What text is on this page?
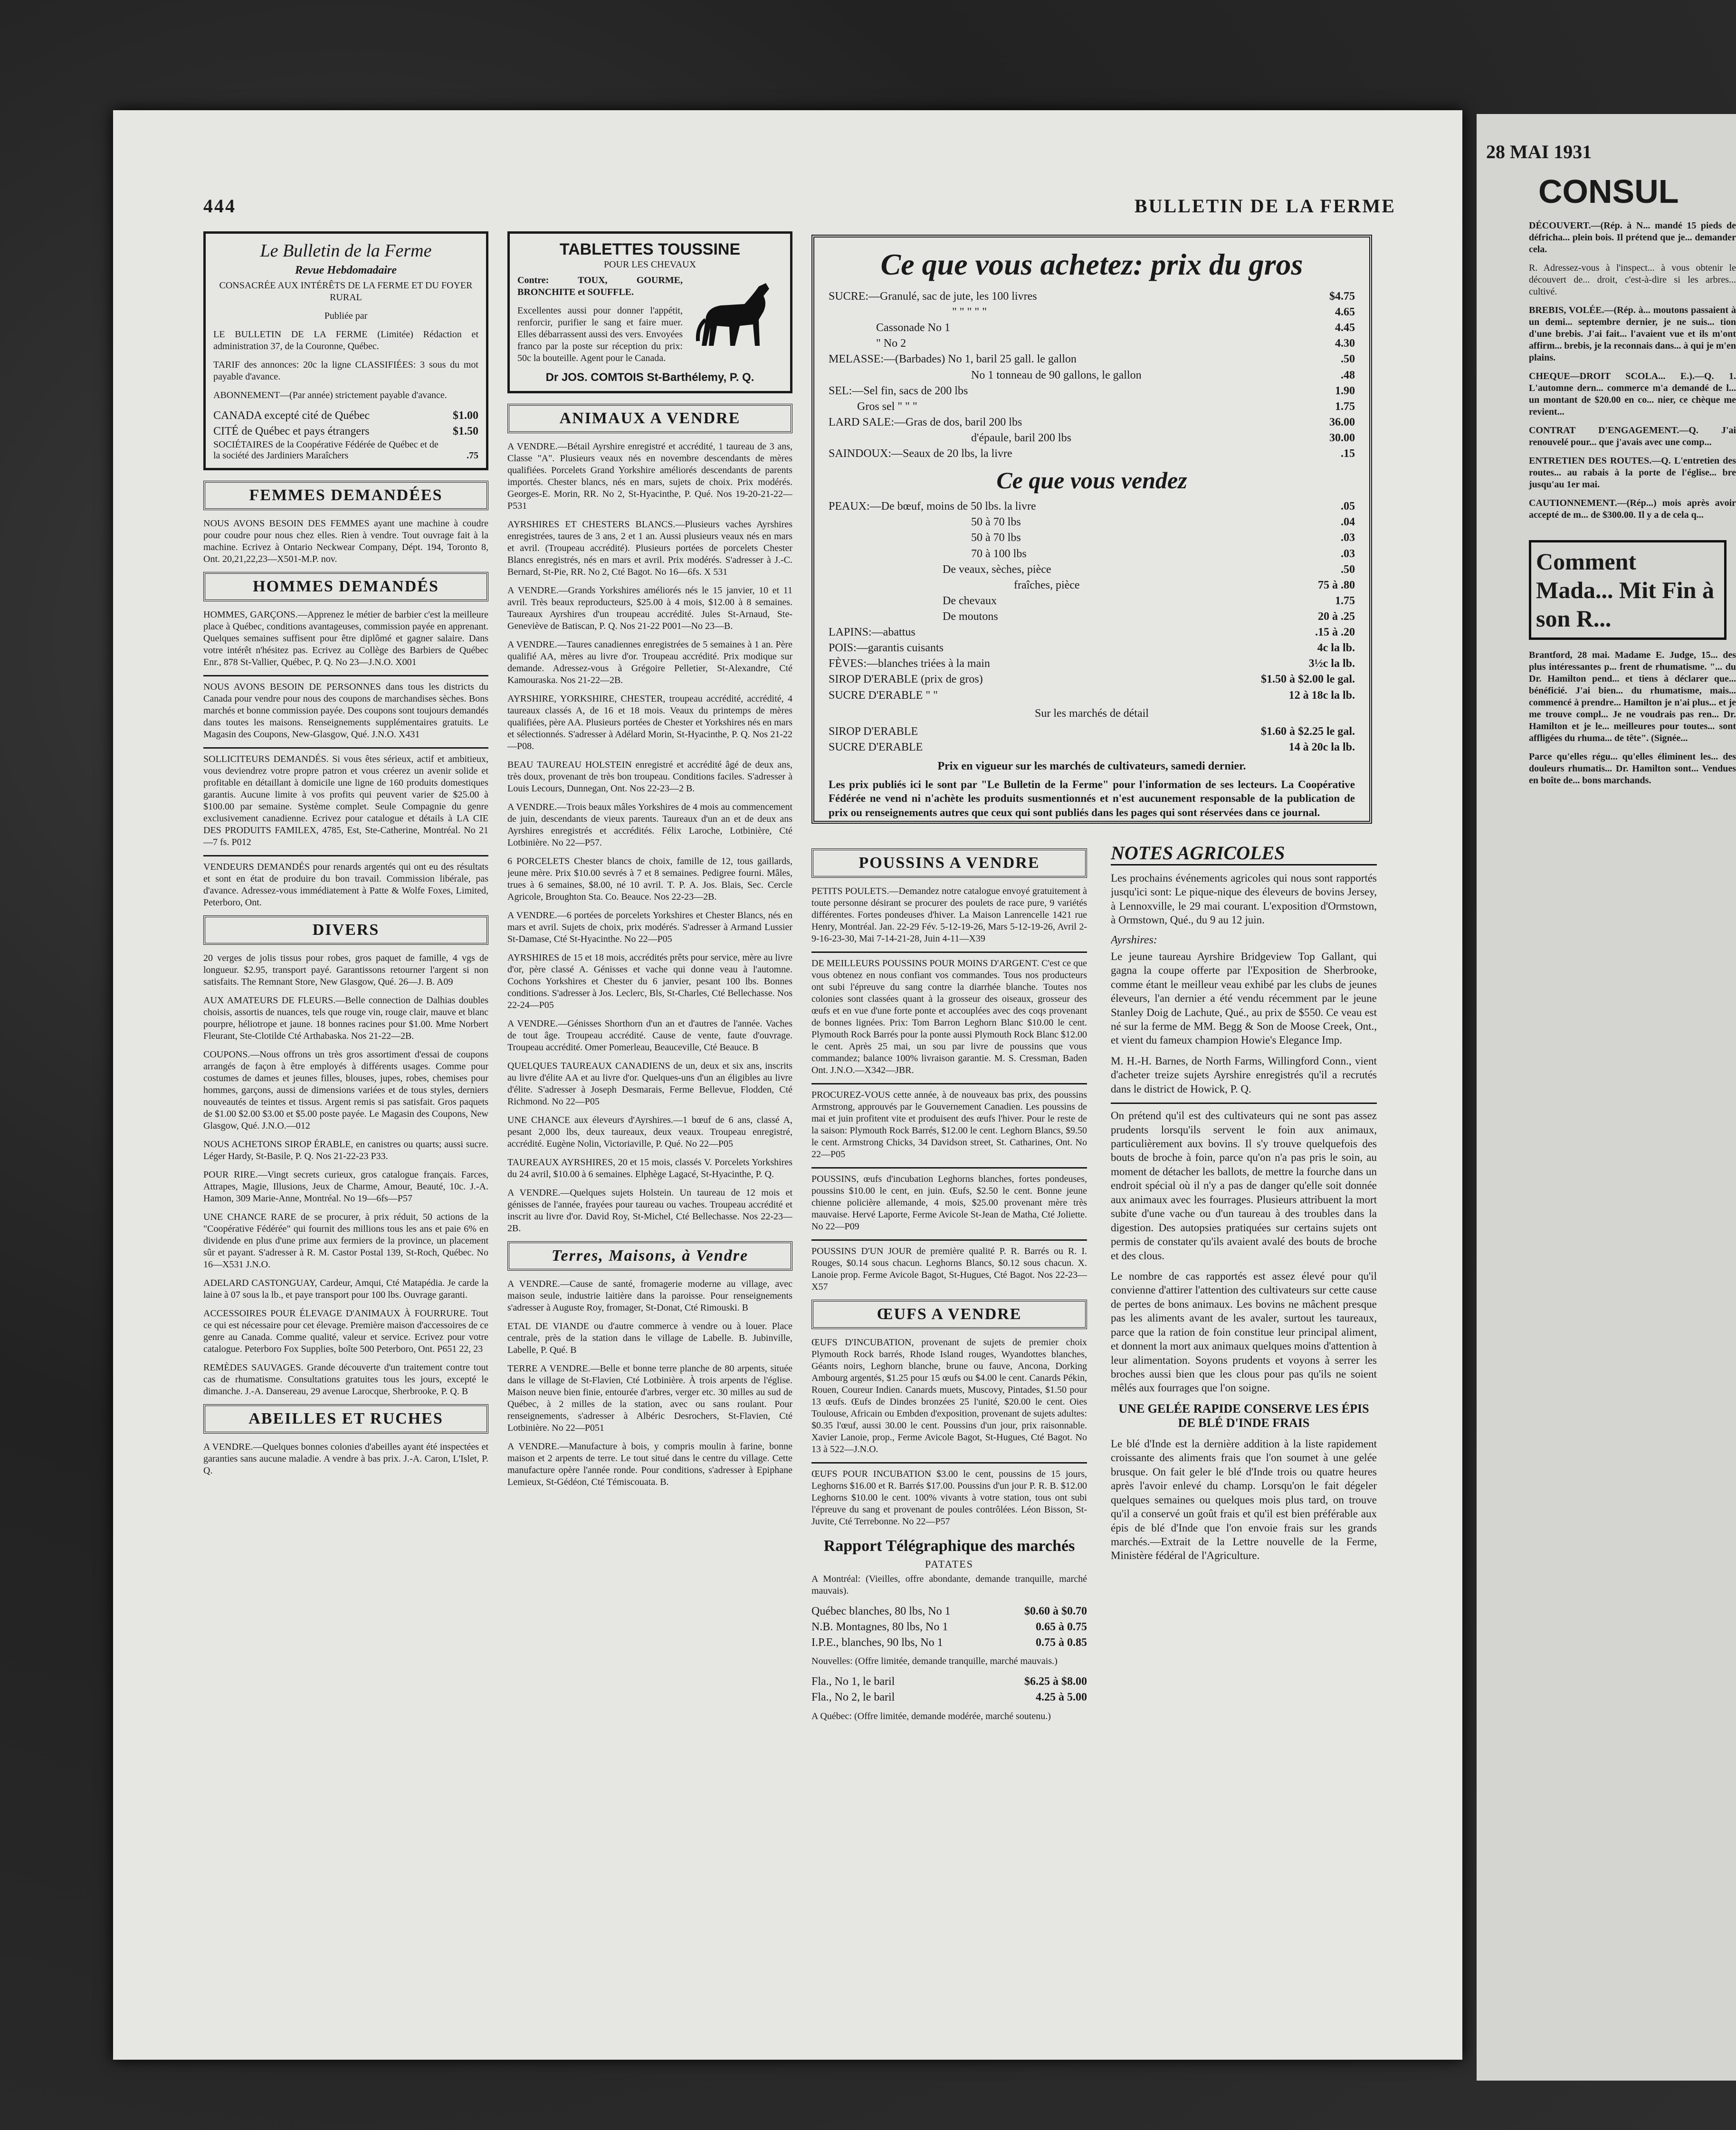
444	BULLETIN DE LA FERME
Le Bulletin de la Ferme
Revue Hebdomadaire
CONSACRÉE AUX INTÉRÊTS DE LA FERME ET DU FOYER RURAL
Publiée par
LE BULLETIN DE LA FERME (Limitée) Rédaction et administration 37, de la Couronne, Québec.
TARIF des annonces: 20c la ligne CLASSIFIÉES: 3 sous du mot payable d'avance.
ABONNEMENT—(Par année) strictement payable d'avance.
CANADA excepté cité de Québec	$1.00
CITÉ de Québec et pays étrangers	$1.50
SOCIÉTAIRES de la Coopérative Fédérée de Québec et de la société des Jardiniers Maraîchers	.75
FEMMES DEMANDÉES

NOUS AVONS BESOIN DES FEMMES ayant une machine à coudre pour coudre pour nous chez elles. Rien à vendre. Tout ouvrage fait à la machine. Ecrivez à Ontario Neckwear Company, Dépt. 194, Toronto 8, Ont. 20,21,22,23—X501-M.P. nov.

HOMMES DEMANDÉS

HOMMES, GARÇONS.—Apprenez le métier de barbier c'est la meilleure place à Québec, conditions avantageuses, commission payée en apprenant. Quelques semaines suffisent pour être diplômé et gagner salaire. Dans votre intérêt n'hésitez pas. Ecrivez au Collège des Barbiers de Québec Enr., 878 St-Vallier, Québec, P. Q. No 23—J.N.O. X001

NOUS AVONS BESOIN DE PERSONNES dans tous les districts du Canada pour vendre pour nous des coupons de marchandises sèches. Bons marchés et bonne commission payée. Des coupons sont toujours demandés dans toutes les maisons. Renseignements supplémentaires gratuits. Le Magasin des Coupons, New-Glasgow, Qué. J.N.O. X431

SOLLICITEURS DEMANDÉS. Si vous êtes sérieux, actif et ambitieux, vous deviendrez votre propre patron et vous créerez un avenir solide et profitable en détaillant à domicile une ligne de 160 produits domestiques garantis. Aucune limite à vos profits qui peuvent varier de $25.00 à $100.00 par semaine. Système complet. Seule Compagnie du genre exclusivement canadienne. Ecrivez pour catalogue et détails à LA CIE DES PRODUITS FAMILEX, 4785, Est, Ste-Catherine, Montréal. No 21—7 fs. P012

VENDEURS DEMANDÉS pour renards argentés qui ont eu des résultats et sont en état de produire du bon travail. Commission libérale, pas d'avance. Adressez-vous immédiatement à Patte & Wolfe Foxes, Limited, Peterboro, Ont.

DIVERS

20 verges de jolis tissus pour robes, gros paquet de famille, 4 vgs de longueur. $2.95, transport payé. Garantissons retourner l'argent si non satisfaits. The Remnant Store, New Glasgow, Qué. 26—J. B. A09

AUX AMATEURS DE FLEURS.—Belle connection de Dalhias doubles choisis, assortis de nuances, tels que rouge vin, rouge clair, mauve et blanc pourpre, héliotrope et jaune. 18 bonnes racines pour $1.00. Mme Norbert Fleurant, Ste-Clotilde Cté Arthabaska. Nos 21-22—2B.

COUPONS.—Nous offrons un très gros assortiment d'essai de coupons arrangés de façon à être employés à différents usages. Comme pour costumes de dames et jeunes filles, blouses, jupes, robes, chemises pour hommes, garçons, aussi de dimensions variées et de tous styles, derniers nouveautés de teintes et tissus. Argent remis si pas satisfait. Gros paquets de $1.00 $2.00 $3.00 et $5.00 poste payée. Le Magasin des Coupons, New Glasgow, Qué. J.N.O.—012

NOUS ACHETONS SIROP ÉRABLE, en canistres ou quarts; aussi sucre. Léger Hardy, St-Basile, P. Q. Nos 21-22-23 P33.

POUR RIRE.—Vingt secrets curieux, gros catalogue français. Farces, Attrapes, Magie, Illusions, Jeux de Charme, Amour, Beauté, 10c. J.-A. Hamon, 309 Marie-Anne, Montréal. No 19—6fs—P57

UNE CHANCE RARE de se procurer, à prix réduit, 50 actions de la "Coopérative Fédérée" qui fournit des millions tous les ans et paie 6% en dividende en plus d'une prime aux fermiers de la province, un placement sûr et payant. S'adresser à R. M. Castor Postal 139, St-Roch, Québec. No 16—X531 J.N.O.

ADELARD CASTONGUAY, Cardeur, Amqui, Cté Matapédia. Je carde la laine à 07 sous la lb., et paye transport pour 100 lbs. Ouvrage garanti.

ACCESSOIRES POUR ÉLEVAGE D'ANIMAUX À FOURRURE. Tout ce qui est nécessaire pour cet élevage. Première maison d'accessoires de ce genre au Canada. Comme qualité, valeur et service. Ecrivez pour votre catalogue. Peterboro Fox Supplies, boîte 500 Peterboro, Ont. P651 22, 23

REMÈDES SAUVAGES. Grande découverte d'un traitement contre tout cas de rhumatisme. Consultations gratuites tous les jours, excepté le dimanche. J.-A. Dansereau, 29 avenue Larocque, Sherbrooke, P. Q. B

ABEILLES ET RUCHES

A VENDRE.—Quelques bonnes colonies d'abeilles ayant été inspectées et garanties sans aucune maladie. A vendre à bas prix. J.-A. Caron, L'Islet, P. Q.

TABLETTES TOUSSINE
POUR LES CHEVAUX
Contre: TOUX, GOURME, BRONCHITE et SOUFFLE.
Excellentes aussi pour donner l'appétit, renforcir, purifier le sang et faire muer. Elles débarrassent aussi des vers. Envoyées franco par la poste sur réception du prix: 50c la bouteille. Agent pour le Canada.
Dr JOS. COMTOIS St-Barthélemy, P. Q.
ANIMAUX A VENDRE

A VENDRE.—Bétail Ayrshire enregistré et accrédité, 1 taureau de 3 ans, Classe "A". Plusieurs veaux nés en novembre descendants de mères qualifiées. Porcelets Grand Yorkshire améliorés descendants de parents importés. Chester blancs, nés en mars, sujets de choix. Prix modérés. Georges-E. Morin, RR. No 2, St-Hyacinthe, P. Qué. Nos 19-20-21-22—P531

AYRSHIRES ET CHESTERS BLANCS.—Plusieurs vaches Ayrshires enregistrées, taures de 3 ans, 2 et 1 an. Aussi plusieurs veaux nés en mars et avril. (Troupeau accrédité). Plusieurs portées de porcelets Chester Blancs enregistrés, nés en mars et avril. Prix modérés. S'adresser à J.-C. Bernard, St-Pie, RR. No 2, Cté Bagot. No 16—6fs. X 531

A VENDRE.—Grands Yorkshires améliorés nés le 15 janvier, 10 et 11 avril. Très beaux reproducteurs, $25.00 à 4 mois, $12.00 à 8 semaines. Taureaux Ayrshires d'un troupeau accrédité. Jules St-Arnaud, Ste-Geneviève de Batiscan, P. Q. Nos 21-22 P001—No 23—B.

A VENDRE.—Taures canadiennes enregistrées de 5 semaines à 1 an. Père qualifié AA, mères au livre d'or. Troupeau accrédité. Prix modique sur demande. Adressez-vous à Grégoire Pelletier, St-Alexandre, Cté Kamouraska. Nos 21-22—2B.

AYRSHIRE, YORKSHIRE, CHESTER, troupeau accrédité, accrédité, 4 taureaux classés A, de 16 et 18 mois. Veaux du printemps de mères qualifiées, père AA. Plusieurs portées de Chester et Yorkshires nés en mars et sélectionnés. S'adresser à Adélard Morin, St-Hyacinthe, P. Q. Nos 21-22—P08.

BEAU TAUREAU HOLSTEIN enregistré et accrédité âgé de deux ans, très doux, provenant de très bon troupeau. Conditions faciles. S'adresser à Louis Lecours, Dunnegan, Ont. Nos 22-23—2 B.

A VENDRE.—Trois beaux mâles Yorkshires de 4 mois au commencement de juin, descendants de vieux parents. Taureaux d'un an et de deux ans Ayrshires enregistrés et accrédités. Félix Laroche, Lotbinière, Cté Lotbinière. No 22—P57.

6 PORCELETS Chester blancs de choix, famille de 12, tous gaillards, jeune mère. Prix $10.00 sevrés à 7 et 8 semaines. Pedigree fourni. Mâles, trues à 6 semaines, $8.00, né 10 avril. T. P. A. Jos. Blais, Sec. Cercle Agricole, Broughton Sta. Co. Beauce. Nos 22-23—2B.

A VENDRE.—6 portées de porcelets Yorkshires et Chester Blancs, nés en mars et avril. Sujets de choix, prix modérés. S'adresser à Armand Lussier St-Damase, Cté St-Hyacinthe. No 22—P05

AYRSHIRES de 15 et 18 mois, accrédités prêts pour service, mère au livre d'or, père classé A. Génisses et vache qui donne veau à l'automne. Cochons Yorkshires et Chester du 6 janvier, pesant 100 lbs. Bonnes conditions. S'adresser à Jos. Leclerc, Bls, St-Charles, Cté Bellechasse. Nos 22-24—P05

A VENDRE.—Génisses Shorthorn d'un an et d'autres de l'année. Vaches de tout âge. Troupeau accrédité. Cause de vente, faute d'ouvrage. Troupeau accrédité. Omer Pomerleau, Beauceville, Cté Beauce. B

QUELQUES TAUREAUX CANADIENS de un, deux et six ans, inscrits au livre d'élite AA et au livre d'or. Quelques-uns d'un an éligibles au livre d'élite. S'adresser à Joseph Desmarais, Ferme Bellevue, Flodden, Cté Richmond. No 22—P05

UNE CHANCE aux éleveurs d'Ayrshires.—1 bœuf de 6 ans, classé A, pesant 2,000 lbs, deux taureaux, deux veaux. Troupeau enregistré, accrédité. Eugène Nolin, Victoriaville, P. Qué. No 22—P05

TAUREAUX AYRSHIRES, 20 et 15 mois, classés V. Porcelets Yorkshires du 24 avril, $10.00 à 6 semaines. Elphège Lagacé, St-Hyacinthe, P. Q.

A VENDRE.—Quelques sujets Holstein. Un taureau de 12 mois et génisses de l'année, frayées pour taureau ou vaches. Troupeau accrédité et inscrit au livre d'or. David Roy, St-Michel, Cté Bellechasse. Nos 22-23—2B.

Terres, Maisons, à Vendre

A VENDRE.—Cause de santé, fromagerie moderne au village, avec maison seule, industrie laitière dans la paroisse. Pour renseignements s'adresser à Auguste Roy, fromager, St-Donat, Cté Rimouski. B

ETAL DE VIANDE ou d'autre commerce à vendre ou à louer. Place centrale, près de la station dans le village de Labelle. B. Jubinville, Labelle, P. Qué. B

TERRE A VENDRE.—Belle et bonne terre planche de 80 arpents, située dans le village de St-Flavien, Cté Lotbinière. À trois arpents de l'église. Maison neuve bien finie, entourée d'arbres, verger etc. 30 milles au sud de Québec, à 2 milles de la station, avec ou sans roulant. Pour renseignements, s'adresser à Albéric Desrochers, St-Flavien, Cté Lotbinière. No 22—P051

A VENDRE.—Manufacture à bois, y compris moulin à farine, bonne maison et 2 arpents de terre. Le tout situé dans le centre du village. Cette manufacture opère l'année ronde. Pour conditions, s'adresser à Epiphane Lemieux, St-Gédéon, Cté Témiscouata. B.

Ce que vous achetez: prix du gros
SUCRE:—Granulé, sac de jute, les 100 livres	$4.75
" " " " "	4.65
Cassonade No 1	4.45
" No 2	4.30
MELASSE:—(Barbades) No 1, baril 25 gall. le gallon	.50
No 1 tonneau de 90 gallons, le gallon	.48
SEL:—Sel fin, sacs de 200 lbs	1.90
Gros sel " " "	1.75
LARD SALE:—Gras de dos, baril 200 lbs	36.00
d'épaule, baril 200 lbs	30.00
SAINDOUX:—Seaux de 20 lbs, la livre	.15
Ce que vous vendez
PEAUX:—De bœuf, moins de 50 lbs. la livre	.05
50 à 70 lbs	.04
50 à 70 lbs	.03
70 à 100 lbs	.03
De veaux, sèches, pièce	.50
fraîches, pièce	75 à .80
De chevaux	1.75
De moutons	20 à .25
LAPINS:—abattus	.15 à .20
POIS:—garantis cuisants	4c la lb.
FÈVES:—blanches triées à la main	3½c la lb.
SIROP D'ERABLE (prix de gros)	$1.50 à $2.00 le gal.
SUCRE D'ERABLE " "	12 à 18c la lb.
Sur les marchés de détail
SIROP D'ERABLE	$1.60 à $2.25 le gal.
SUCRE D'ERABLE	14 à 20c la lb.
Prix en vigueur sur les marchés de cultivateurs, samedi dernier.

Les prix publiés ici le sont par "Le Bulletin de la Ferme" pour l'information de ses lecteurs. La Coopérative Fédérée ne vend ni n'achète les produits susmentionnés et n'est aucunement responsable de la publication de prix ou renseignements autres que ceux qui sont publiés dans les pages qui sont réservées dans ce journal.

POUSSINS A VENDRE

PETITS POULETS.—Demandez notre catalogue envoyé gratuitement à toute personne désirant se procurer des poulets de race pure, 9 variétés différentes. Fortes pondeuses d'hiver. La Maison Lanrencelle 1421 rue Henry, Montréal. Jan. 22-29 Fév. 5-12-19-26, Mars 5-12-19-26, Avril 2-9-16-23-30, Mai 7-14-21-28, Juin 4-11—X39

DE MEILLEURS POUSSINS POUR MOINS D'ARGENT. C'est ce que vous obtenez en nous confiant vos commandes. Tous nos producteurs ont subi l'épreuve du sang contre la diarrhée blanche. Toutes nos colonies sont classées quant à la grosseur des oiseaux, grosseur des œufs et en vue d'une forte ponte et accouplées avec des coqs provenant de bonnes lignées. Prix: Tom Barron Leghorn Blanc $10.00 le cent. Plymouth Rock Barrés pour la ponte aussi Plymouth Rock Blanc $12.00 le cent. Après 25 mai, un sou par livre de poussins que vous commandez; balance 100% livraison garantie. M. S. Cressman, Baden Ont. J.N.O.—X342—JBR.

PROCUREZ-VOUS cette année, à de nouveaux bas prix, des poussins Armstrong, approuvés par le Gouvernement Canadien. Les poussins de mai et juin profitent vite et produisent des œufs l'hiver. Pour le reste de la saison: Plymouth Rock Barrés, $12.00 le cent. Leghorn Blancs, $9.50 le cent. Armstrong Chicks, 34 Davidson street, St. Catharines, Ont. No 22—P05

POUSSINS, œufs d'incubation Leghorns blanches, fortes pondeuses, poussins $10.00 le cent, en juin. Œufs, $2.50 le cent. Bonne jeune chienne policière allemande, 4 mois, $25.00 provenant mère très mauvaise. Hervé Laporte, Ferme Avicole St-Jean de Matha, Cté Joliette. No 22—P09

POUSSINS D'UN JOUR de première qualité P. R. Barrés ou R. I. Rouges, $0.14 sous chacun. Leghorns Blancs, $0.12 sous chacun. X. Lanoie prop. Ferme Avicole Bagot, St-Hugues, Cté Bagot. Nos 22-23—X57

ŒUFS A VENDRE

ŒUFS D'INCUBATION, provenant de sujets de premier choix Plymouth Rock barrés, Rhode Island rouges, Wyandottes blanches, Géants noirs, Leghorn blanche, brune ou fauve, Ancona, Dorking Ambourg argentés, $1.25 pour 15 œufs ou $4.00 le cent. Canards Pékin, Rouen, Coureur Indien. Canards muets, Muscovy, Pintades, $1.50 pour 13 œufs. Œufs de Dindes bronzées 25 l'unité, $20.00 le cent. Oies Toulouse, Africain ou Embden d'exposition, provenant de sujets adultes: $0.35 l'œuf, aussi 30.00 le cent. Poussins d'un jour, prix raisonnable. Xavier Lanoie, prop., Ferme Avicole Bagot, St-Hugues, Cté Bagot. No 13 à 522—J.N.O.

ŒUFS POUR INCUBATION $3.00 le cent, poussins de 15 jours, Leghorns $16.00 et R. Barrés $17.00. Poussins d'un jour P. R. B. $12.00 Leghorns $10.00 le cent. 100% vivants à votre station, tous ont subi l'épreuve du sang et provenant de poules contrôlées. Léon Bisson, St-Juvite, Cté Terrebonne. No 22—P57

Rapport Télégraphique des marchés
PATATES

A Montréal: (Vieilles, offre abondante, demande tranquille, marché mauvais).

Québec blanches, 80 lbs, No 1	$0.60 à $0.70
N.B. Montagnes, 80 lbs, No 1	0.65 à 0.75
I.P.E., blanches, 90 lbs, No 1	0.75 à 0.85

Nouvelles: (Offre limitée, demande tranquille, marché mauvais.)

Fla., No 1, le baril	$6.25 à $8.00
Fla., No 2, le baril	4.25 à 5.00

A Québec: (Offre limitée, demande modérée, marché soutenu.)

NOTES AGRICOLES

Les prochains événements agricoles qui nous sont rapportés jusqu'ici sont: Le pique-nique des éleveurs de bovins Jersey, à Lennoxville, le 29 mai courant. L'exposition d'Ormstown, à Ormstown, Qué., du 9 au 12 juin.

Ayrshires:

Le jeune taureau Ayrshire Bridgeview Top Gallant, qui gagna la coupe offerte par l'Exposition de Sherbrooke, comme étant le meilleur veau exhibé par les clubs de jeunes éleveurs, l'an dernier a été vendu récemment par le jeune Stanley Doig de Lachute, Qué., au prix de $550. Ce veau est né sur la ferme de MM. Begg & Son de Moose Creek, Ont., et vient du fameux champion Howie's Elegance Imp.

M. H.-H. Barnes, de North Farms, Willingford Conn., vient d'acheter treize sujets Ayrshire enregistrés qu'il a recrutés dans le district de Howick, P. Q.

On prétend qu'il est des cultivateurs qui ne sont pas assez prudents lorsqu'ils servent le foin aux animaux, particulièrement aux bovins. Il s'y trouve quelquefois des bouts de broche à foin, parce qu'on n'a pas pris le soin, au moment de détacher les ballots, de mettre la fourche dans un endroit spécial où il n'y a pas de danger qu'elle soit donnée aux animaux avec les fourrages. Plusieurs attribuent la mort subite d'une vache ou d'un taureau à des troubles dans la digestion. Des autopsies pratiquées sur certains sujets ont permis de constater qu'ils avaient avalé des bouts de broche et des clous.

Le nombre de cas rapportés est assez élevé pour qu'il convienne d'attirer l'attention des cultivateurs sur cette cause de pertes de bons animaux. Les bovins ne mâchent presque pas les aliments avant de les avaler, surtout les taureaux, parce que la ration de foin constitue leur principal aliment, et donnent la mort aux animaux quelques moins d'attention à leur alimentation. Soyons prudents et voyons à serrer les broches aussi bien que les clous pour pas qu'ils ne soient mêlés aux fourrages que l'on soigne.

UNE GELÉE RAPIDE CONSERVE LES ÉPIS DE BLÉ D'INDE FRAIS

Le blé d'Inde est la dernière addition à la liste rapidement croissante des aliments frais que l'on soumet à une gelée brusque. On fait geler le blé d'Inde trois ou quatre heures après l'avoir enlevé du champ. Lorsqu'on le fait dégeler quelques semaines ou quelques mois plus tard, on trouve qu'il a conservé un goût frais et qu'il est bien préférable aux épis de blé d'Inde que l'on envoie frais sur les grands marchés.—Extrait de la Lettre nouvelle de la Ferme, Ministère fédéral de l'Agriculture.

28 MAI 1931
CONSUL

DÉCOUVERT.—(Rép. à N... mandé 15 pieds de défricha... plein bois. Il prétend que je... demander cela.

R. Adressez-vous à l'inspect... à vous obtenir le découvert de... droit, c'est-à-dire si les arbres... cultivé.

BREBIS, VOLÉE.—(Rép. à... moutons passaient à un demi... septembre dernier, je ne suis... tion d'une brebis. J'ai fait... l'avaient vue et ils m'ont affirm... brebis, je la reconnais dans... à qui je m'en plains.

CHEQUE—DROIT SCOLA... E.).—Q. 1. L'automne dern... commerce m'a demandé de l... un montant de $20.00 en co... nier, ce chèque me revient...

CONTRAT D'ENGAGEMENT.—Q. J'ai renouvelé pour... que j'avais avec une comp...

ENTRETIEN DES ROUTES.—Q. L'entretien des routes... au rabais à la porte de l'église... bre jusqu'au 1er mai.

CAUTIONNEMENT.—(Rép...) mois après avoir accepté de m... de $300.00. Il y a de cela q...

Comment Mada... Mit Fin à son R...

Brantford, 28 mai. Madame E. Judge, 15... des plus intéressantes p... frent de rhumatisme. "... du Dr. Hamilton pend... et tiens à déclarer que... bénéficié. J'ai bien... du rhumatisme, mais... commencé à prendre... Hamilton je n'ai plus... et je me trouve compl... Je ne voudrais pas ren... Dr. Hamilton et je le... meilleures pour toutes... sont affligées du rhuma... de tête". (Signée...

Parce qu'elles régu... qu'elles éliminent les... des douleurs rhumatis... Dr. Hamilton sont... Vendues en boîte de... bons marchands.
